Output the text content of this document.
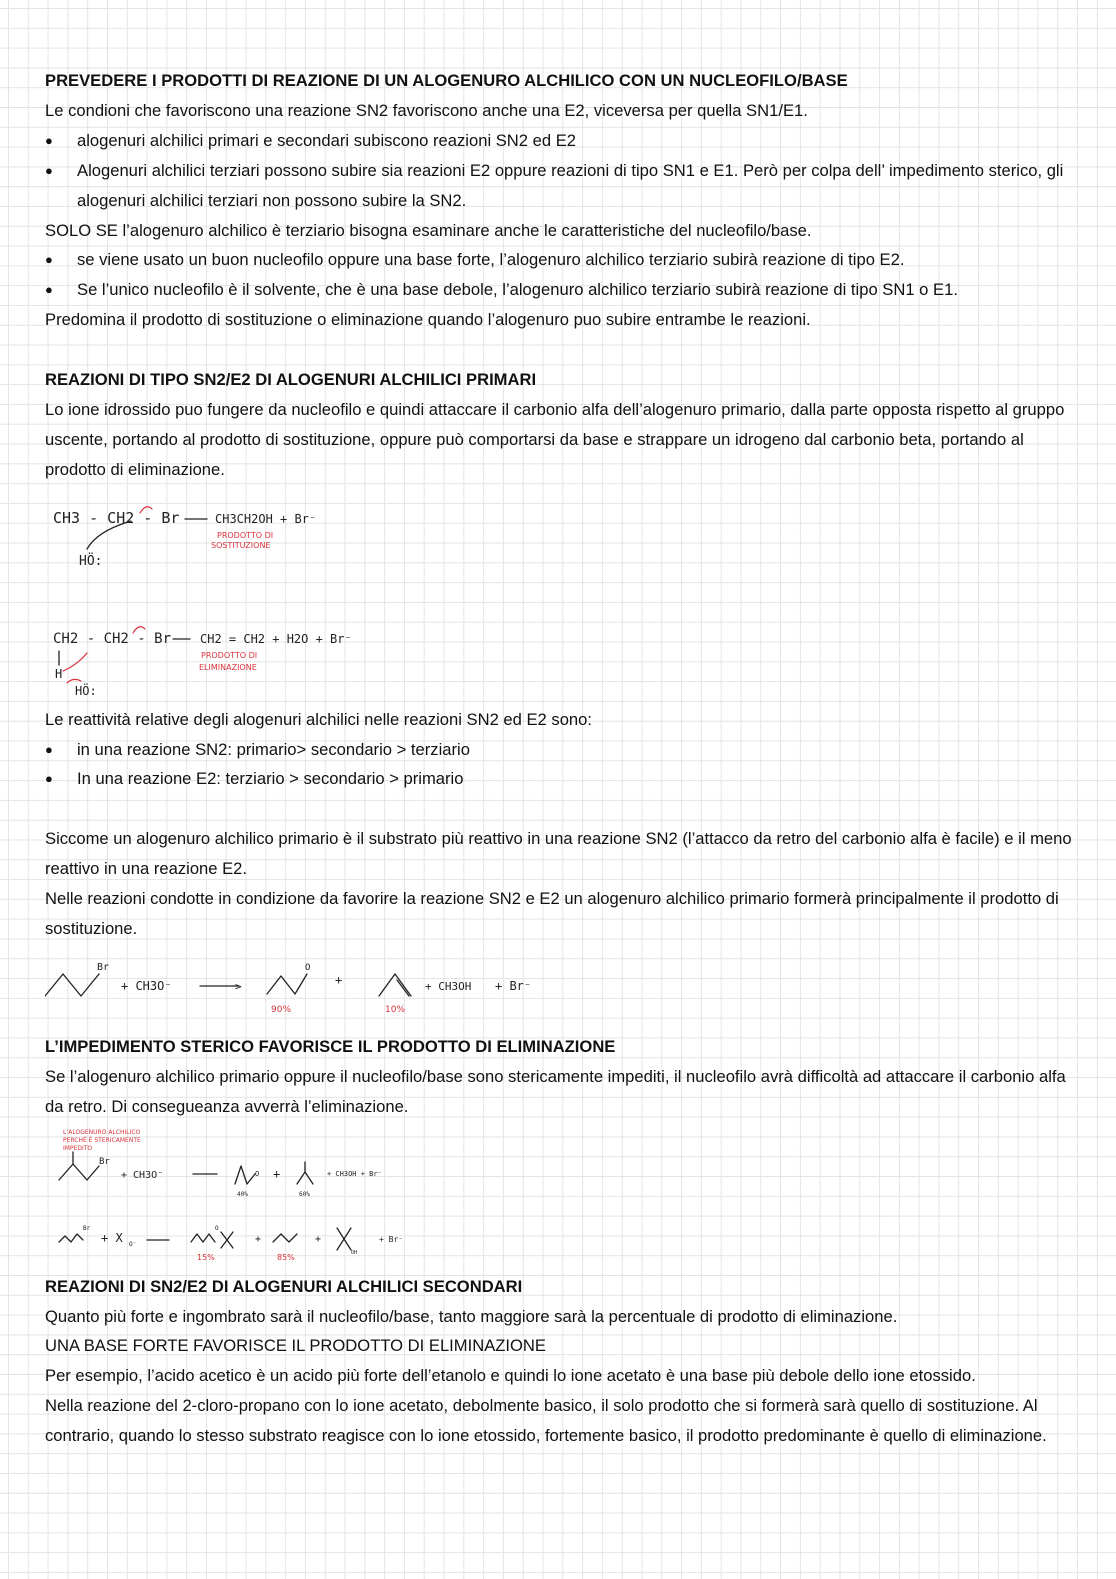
PREVEDERE I PRODOTTI DI REAZIONE DI UN ALOGENURO ALCHILICO CON UN NUCLEOFILO/BASE

Le condioni che favoriscono una reazione SN2 favoriscono anche una E2, viceversa per quella SN1/E1.

● alogenuri alchilici primari e secondari subiscono reazioni SN2 ed E2

● Alogenuri alchilici terziari possono subire sia reazioni E2 oppure reazioni di tipo SN1 e E1. Però per colpa dell’ impedimento sterico, gli alogenuri alchilici terziari non possono subire la SN2.

SOLO SE l’alogenuro alchilico è terziario bisogna esaminare anche le caratteristiche del nucleofilo/base.

● se viene usato un buon nucleofilo oppure una base forte, l’alogenuro alchilico terziario subirà reazione di tipo E2.

● Se l’unico nucleofilo è il solvente, che è una base debole, l’alogenuro alchilico terziario subirà reazione di tipo SN1 o E1.

Predomina il prodotto di sostituzione o eliminazione quando l’alogenuro puo subire entrambe le reazioni.

REAZIONI DI TIPO SN2/E2 DI ALOGENURI ALCHILICI PRIMARI

Lo ione idrossido puo fungere da nucleofilo e quindi attaccare il carbonio alfa dell’alogenuro primario, dalla parte opposta rispetto al gruppo uscente, portando al prodotto di sostituzione, oppure può comportarsi da base e strappare un idrogeno dal carbonio beta, portando al prodotto di eliminazione.

CH3 - CH2 - Br
HÖ:
CH3CH2OH + Br⁻
PRODOTTO DI
SOSTITUZIONE
CH2 - CH2 - Br
H
HÖ:
CH2 = CH2 + H2O + Br⁻
PRODOTTO DI
ELIMINAZIONE

Le reattività relative degli alogenuri alchilici nelle reazioni SN2 ed E2 sono:

● in una reazione SN2: primario> secondario > terziario

● In una reazione E2: terziario > secondario > primario

Siccome un alogenuro alchilico primario è il substrato più reattivo in una reazione SN2 (l’attacco da retro del carbonio alfa è facile) e il meno reattivo in una reazione E2.

Nelle reazioni condotte in condizione da favorire la reazione SN2 e E2 un alogenuro alchilico primario formerà principalmente il prodotto di sostituzione.

Br
+ CH3O⁻	>
O
90%
+
10%
+ CH3OH + Br⁻

L’IMPEDIMENTO STERICO FAVORISCE IL PRODOTTO DI ELIMINAZIONE

Se l’alogenuro alchilico primario oppure il nucleofilo/base sono stericamente impediti, il nucleofilo avrà difficoltà ad attaccare il carbonio alfa da retro. Di consegueanza avverrà l’eliminazione.

L’ALOGENURO ALCHILICO
PERCHÉ È STERICAMENTE
IMPEDITO
Br
+ CH3O⁻	O
40%
+
60%
+ CH3OH + Br⁻
Br
+ X O⁻
O
15%
+
85%
+
OH
+ Br⁻

REAZIONI DI SN2/E2 DI ALOGENURI ALCHILICI SECONDARI

Quanto più forte e ingombrato sarà il nucleofilo/base, tanto maggiore sarà la percentuale di prodotto di eliminazione.

UNA BASE FORTE FAVORISCE IL PRODOTTO DI ELIMINAZIONE

Per esempio, l’acido acetico è un acido più forte dell’etanolo e quindi lo ione acetato è una base più debole dello ione etossido.

Nella reazione del 2-cloro-propano con lo ione acetato, debolmente basico, il solo prodotto che si formerà sarà quello di sostituzione. Al contrario, quando lo stesso substrato reagisce con lo ione etossido, fortemente basico, il prodotto predominante è quello di eliminazione.
